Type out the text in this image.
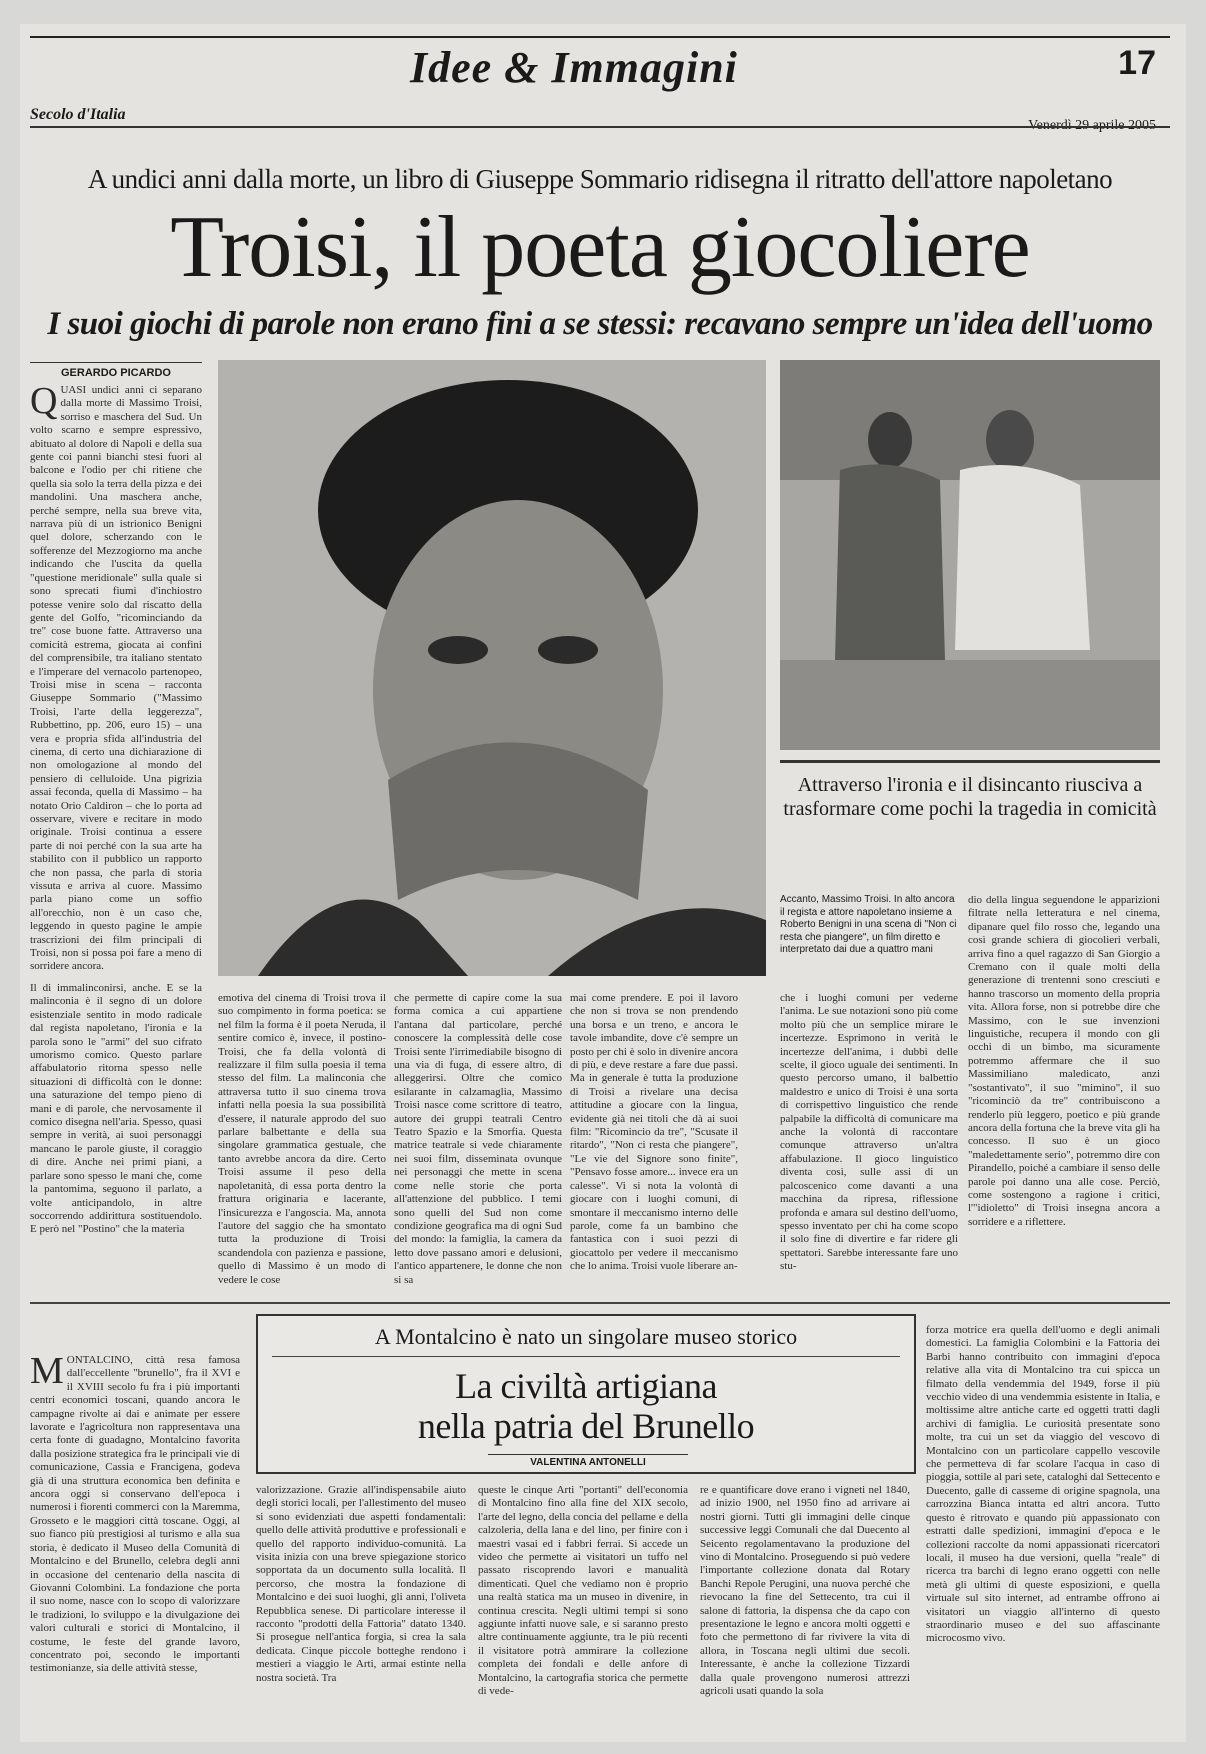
Idee & Immagini	17
Secolo d'Italia
A undici anni dalla morte, un libro di Giuseppe Sommario ridisegna il ritratto dell'attore napoletano
Troisi, il poeta giocoliere
I suoi giochi di parole non erano fini a se stessi: recavano sempre un'idea dell'uomo
GERARDO PICARDO
QUASI undici anni ci separano dalla morte di Massimo Troisi, sorriso e maschera del Sud. Un volto scarno e sempre espressivo, abituato al dolore di Napoli e della sua gente coi panni bianchi stesi fuori al balcone e l'odio per chi ritiene che quella sia solo la terra della pizza e dei mandolini. Una maschera anche, perché sempre, nella sua breve vita, narrava più di un istrionico Benigni quel dolore, scherzando con le sofferenze del Mezzogiorno ma anche indicando che l'uscita da quella "questione meridionale" sulla quale si sono sprecati fiumi d'inchiostro potesse venire solo dal riscatto della gente del Golfo, "ricominciando da tre" cose buone fatte. Attraverso una comicità estrema, giocata ai confini del comprensibile, tra italiano stentato e l'imperare del vernacolo partenopeo, Troisi mise in scena – racconta Giuseppe Sommario ("Massimo Troisi, l'arte della leggerezza", Rubbettino, pp. 206, euro 15) – una vera e propria sfida all'industria del cinema, di certo una dichiarazione di non omologazione al mondo del pensiero di celluloide. Una pigrizia assai feconda, quella di Massimo – ha notato Orio Caldiron – che lo porta ad osservare, vivere e recitare in modo originale. Troisi continua a essere parte di noi perché con la sua arte ha stabilito con il pubblico un rapporto che non passa, che parla di storia vissuta e arriva al cuore. Massimo parla piano come un soffio all'orecchio, non è un caso che, leggendo in questo pagine le ampie trascrizioni dei film principali di Troisi, non si possa poi fare a meno di sorridere ancora.
Il di immalinconirsi, anche. E se la malinconia è il segno di un dolore esistenziale sentito in modo radicale dal regista napoletano, l'ironia e la parola sono le "armi" del suo cifrato umorismo comico. Questo parlare affabulatorio ritorna spesso nelle situazioni di difficoltà con le donne: una saturazione del tempo pieno di mani e di parole, che nervosamente il comico disegna nell'aria. Spesso, quasi sempre in verità, ai suoi personaggi mancano le parole giuste, il coraggio di dire. Anche nei primi piani, a parlare sono spesso le mani che, come la pantomima, seguono il parlato, a volte anticipandolo, in altre soccorrendo addirittura sostituendolo. E però nel "Postino" che la materia
Attraverso l'ironia e il disincanto riusciva a trasformare come pochi la tragedia in comicità
Accanto, Massimo Troisi. In alto ancora il regista e attore napoletano insieme a Roberto Benigni in una scena di "Non ci resta che piangere", un film diretto e interpretato dai due a quattro mani
emotiva del cinema di Troisi trova il suo compimento in forma poetica: se nel film la forma è il poeta Neruda, il sentire comico è, invece, il postino-Troisi, che fa della volontà di realizzare il film sulla poesia il tema stesso del film. La malinconia che attraversa tutto il suo cinema trova infatti nella poesia la sua possibilità d'essere, il naturale approdo del suo parlare balbettante e della sua singolare grammatica gestuale, che tanto avrebbe ancora da dire. Certo Troisi assume il peso della napoletanità, di essa porta dentro la frattura originaria e lacerante, l'insicurezza e l'angoscia. Ma, annota l'autore del saggio che ha smontato tutta la produzione di Troisi scandendola con pazienza e passione, quello di Massimo è un modo di vedere le cose
che permette di capire come la sua forma comica a cui appartiene l'antana dal particolare, perché conoscere la complessità delle cose Troisi sente l'irrimediabile bisogno di una via di fuga, di essere altro, di alleggerirsi. Oltre che comico esilarante in calzamaglia, Massimo Troisi nasce come scrittore di teatro, autore dei gruppi teatrali Centro Teatro Spazio e la Smorfia. Questa matrice teatrale si vede chiaramente nei suoi film, disseminata ovunque nei personaggi che mette in scena come nelle storie che porta all'attenzione del pubblico. I temi sono quelli del Sud non come condizione geografica ma di ogni Sud del mondo: la famiglia, la camera da letto dove passano amori e delusioni, l'antico appartenere, le donne che non si sa
mai come prendere. E poi il lavoro che non si trova se non prendendo una borsa e un treno, e ancora le tavole imbandite, dove c'è sempre un posto per chi è solo in divenire ancora di più, e deve restare a fare due passi. Ma in generale è tutta la produzione di Troisi a rivelare una decisa attitudine a giocare con la lingua, evidente già nei titoli che dà ai suoi film: "Ricomincio da tre", "Scusate il ritardo", "Non ci resta che piangere", "Le vie del Signore sono finite", "Pensavo fosse amore... invece era un calesse". Vi si nota la volontà di giocare con i luoghi comuni, di smontare il meccanismo interno delle parole, come fa un bambino che fantastica con i suoi pezzi di giocattolo per vedere il meccanismo che lo anima. Troisi vuole liberare an-
che i luoghi comuni per vederne l'anima. Le sue notazioni sono più come molto più che un semplice mirare le incertezze. Esprimono in verità le incertezze dell'anima, i dubbi delle scelte, il gioco uguale dei sentimenti. In questo percorso umano, il balbettio maldestro e unico di Troisi è una sorta di corrispettivo linguistico che rende palpabile la difficoltà di comunicare ma anche la volontà di raccontare comunque attraverso un'altra affabulazione. Il gioco linguistico diventa così, sulle assi di un palcoscenico come davanti a una macchina da ripresa, riflessione profonda e amara sul destino dell'uomo, spesso inventato per chi ha come scopo il solo fine di divertire e far ridere gli spettatori. Sarebbe interessante fare uno stu-
dio della lingua seguendone le apparizioni filtrate nella letteratura e nel cinema, dipanare quel filo rosso che, legando una così grande schiera di giocolieri verbali, arriva fino a quel ragazzo di San Giorgio a Cremano con il quale molti della generazione di trentenni sono cresciuti e hanno trascorso un momento della propria vita. Allora forse, non si potrebbe dire che Massimo, con le sue invenzioni linguistiche, recupera il mondo con gli occhi di un bimbo, ma sicuramente potremmo affermare che il suo Massimiliano maledicato, anzi "sostantivato", il suo "mimino", il suo "ricominciò da tre" contribuiscono a renderlo più leggero, poetico e più grande ancora della fortuna che la breve vita gli ha concesso. Il suo è un gioco "maledettamente serio", potremmo dire con Pirandello, poiché a cambiare il senso delle parole poi danno una alle cose. Perciò, come sostengono a ragione i critici, l'"idioletto" di Troisi insegna ancora a sorridere e a riflettere.
A Montalcino è nato un singolare museo storico
La civiltà artigiana
nella patria del Brunello
VALENTINA ANTONELLI
MONTALCINO, città resa famosa dall'eccellente "brunello", fra il XVI e il XVIII secolo fu fra i più importanti centri economici toscani, quando ancora le campagne rivolte ai dai e animate per essere lavorate e l'agricoltura non rappresentava una certa fonte di guadagno, Montalcino favorita dalla posizione strategica fra le principali vie di comunicazione, Cassia e Francigena, godeva già di una struttura economica ben definita e ancora oggi si conservano dell'epoca i numerosi i fiorenti commerci con la Maremma, Grosseto e le maggiori città toscane. Oggi, al suo fianco più prestigiosi al turismo e alla sua storia, è dedicato il Museo della Comunità di Montalcino e del Brunello, celebra degli anni in occasione del centenario della nascita di Giovanni Colombini. La fondazione che porta il suo nome, nasce con lo scopo di valorizzare le tradizioni, lo sviluppo e la divulgazione dei valori culturali e storici di Montalcino, il costume, le feste del grande lavoro, concentrato poi, secondo le importanti testimonianze, sia delle attività stesse,
valorizzazione. Grazie all'indispensabile aiuto degli storici locali, per l'allestimento del museo si sono evidenziati due aspetti fondamentali: quello delle attività produttive e professionali e quello del rapporto individuo-comunità. La visita inizia con una breve spiegazione storico sopportata da un documento sulla località. Il percorso, che mostra la fondazione di Montalcino e dei suoi luoghi, gli anni, l'oliveta Repubblica senese. Di particolare interesse il racconto "prodotti della Fattoria" datato 1340. Si prosegue nell'antica forgia, si crea la sala dedicata. Cinque piccole botteghe rendono i mestieri a viaggio le Arti, armai estinte nella nostra società. Tra
queste le cinque Arti "portanti" dell'economia di Montalcino fino alla fine del XIX secolo, l'arte del legno, della concia del pellame e della calzoleria, della lana e del lino, per finire con i maestri vasai ed i fabbri ferrai. Si accede un video che permette ai visitatori un tuffo nel passato riscoprendo lavori e manualità dimenticati. Quel che vediamo non è proprio una realtà statica ma un museo in divenire, in continua crescita. Negli ultimi tempi si sono aggiunte infatti nuove sale, e si saranno presto altre continuamente aggiunte, tra le più recenti il visitatore potrà ammirare la collezione completa dei fondali e delle anfore di Montalcino, la cartografia storica che permette di vede-
re e quantificare dove erano i vigneti nel 1840, ad inizio 1900, nel 1950 fino ad arrivare ai nostri giorni. Tutti gli immagini delle cinque successive leggi Comunali che dal Duecento al Seicento regolamentavano la produzione del vino di Montalcino. Proseguendo si può vedere l'importante collezione donata dal Rotary Banchi Repole Perugini, una nuova perché che rievocano la fine del Settecento, tra cui il salone di fattoria, la dispensa che da capo con presentazione le legno e ancora molti oggetti e foto che permettono di far rivivere la vita di allora, in Toscana negli ultimi due secoli. Interessante, è anche la collezione Tizzardi dalla quale provengono numerosi attrezzi agricoli usati quando la sola
forza motrice era quella dell'uomo e degli animali domestici. La famiglia Colombini e la Fattoria dei Barbi hanno contribuito con immagini d'epoca relative alla vita di Montalcino tra cui spicca un filmato della vendemmia del 1949, forse il più vecchio video di una vendemmia esistente in Italia, e moltissime altre antiche carte ed oggetti tratti dagli archivi di famiglia. Le curiosità presentate sono molte, tra cui un set da viaggio del vescovo di Montalcino con un particolare cappello vescovile che permetteva di far scolare l'acqua in caso di pioggia, sottile al pari sete, cataloghi dal Settecento e Duecento, galle di casseme di origine spagnola, una carrozzina Bianca intatta ed altri ancora. Tutto questo è ritrovato e quando più appassionato con estratti dalle spedizioni, immagini d'epoca e le collezioni raccolte da nomi appassionati ricercatori locali, il museo ha due versioni, quella "reale" di ricerca tra barchi di legno erano oggetti con nelle metà gli ultimi di queste esposizioni, e quella virtuale sul sito internet, ad entrambe offrono ai visitatori un viaggio all'interno di questo straordinario museo e del suo affascinante microcosmo vivo.
